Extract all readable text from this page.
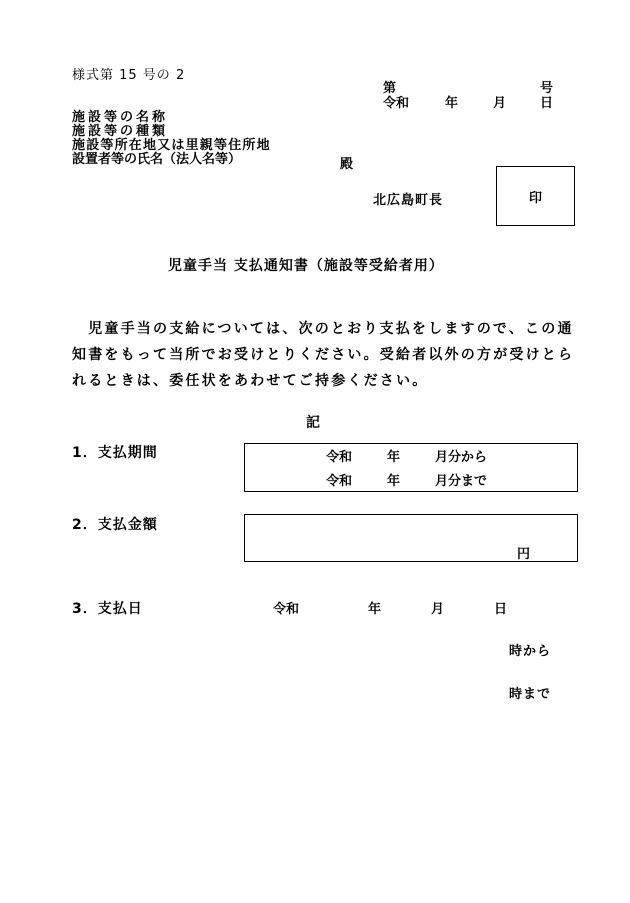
様式第 15 号の 2
第	号
令和	年	月	日
施設等の名称
施設等の種類
施設等所在地又は里親等住所地
設置者等の氏名（法人名等）	殿
北広島町長	印
児童手当 支払通知書（施設等受給者用）
　児童手当の支給については、次のとおり支払をしますので、この通
知書をもって当所でお受けとりください。受給者以外の方が受けとら
れるときは、委任状をあわせてご持参ください。
記
1．支払期間	令和	年	月分から
令和	年	月分まで
2．支払金額
円
3．支払日	令和	年	月	日
時から
時まで
